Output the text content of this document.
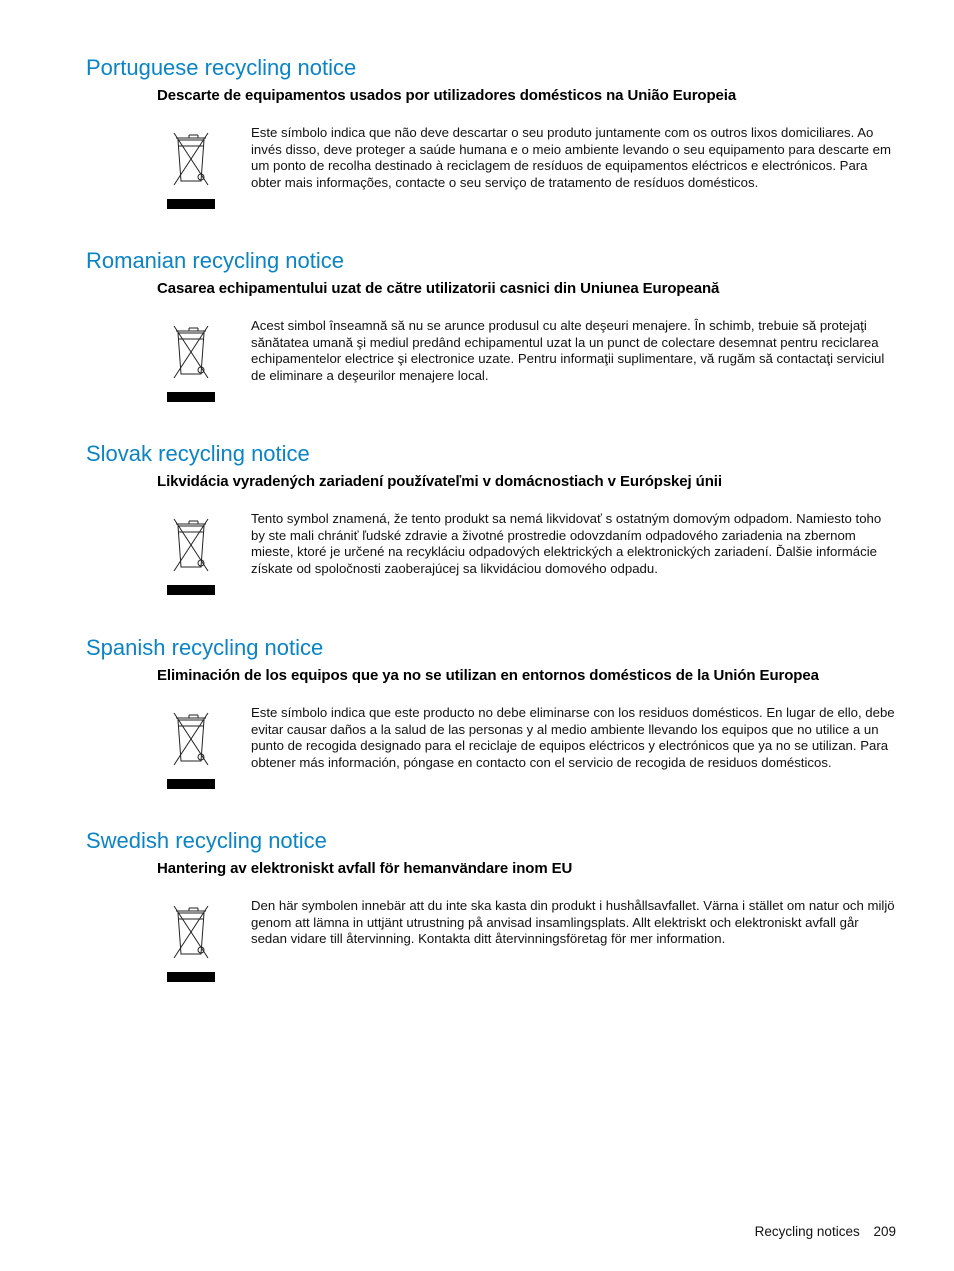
Portuguese recycling notice
Descarte de equipamentos usados por utilizadores domésticos na União Europeia

Este símbolo indica que não deve descartar o seu produto juntamente com os outros lixos domiciliares. Ao invés disso, deve proteger a saúde humana e o meio ambiente levando o seu equipamento para descarte em um ponto de recolha destinado à reciclagem de resíduos de equipamentos eléctricos e electrónicos. Para obter mais informações, contacte o seu serviço de tratamento de resíduos domésticos.

Romanian recycling notice
Casarea echipamentului uzat de către utilizatorii casnici din Uniunea Europeană

Acest simbol înseamnă să nu se arunce produsul cu alte deşeuri menajere. În schimb, trebuie să protejaţi sănătatea umană şi mediul predând echipamentul uzat la un punct de colectare desemnat pentru reciclarea echipamentelor electrice şi electronice uzate. Pentru informaţii suplimentare, vă rugăm să contactaţi serviciul de eliminare a deşeurilor menajere local.

Slovak recycling notice
Likvidácia vyradených zariadení používateľmi v domácnostiach v Európskej únii

Tento symbol znamená, že tento produkt sa nemá likvidovať s ostatným domovým odpadom. Namiesto toho by ste mali chrániť ľudské zdravie a životné prostredie odovzdaním odpadového zariadenia na zbernom mieste, ktoré je určené na recykláciu odpadových elektrických a elektronických zariadení. Ďalšie informácie získate od spoločnosti zaoberajúcej sa likvidáciou domového odpadu.

Spanish recycling notice
Eliminación de los equipos que ya no se utilizan en entornos domésticos de la Unión Europea

Este símbolo indica que este producto no debe eliminarse con los residuos domésticos. En lugar de ello, debe evitar causar daños a la salud de las personas y al medio ambiente llevando los equipos que no utilice a un punto de recogida designado para el reciclaje de equipos eléctricos y electrónicos que ya no se utilizan. Para obtener más información, póngase en contacto con el servicio de recogida de residuos domésticos.

Swedish recycling notice
Hantering av elektroniskt avfall för hemanvändare inom EU

Den här symbolen innebär att du inte ska kasta din produkt i hushållsavfallet. Värna i stället om natur och miljö genom att lämna in uttjänt utrustning på anvisad insamlingsplats. Allt elektriskt och elektroniskt avfall går sedan vidare till återvinning. Kontakta ditt återvinningsföretag för mer information.

Recycling notices 209
